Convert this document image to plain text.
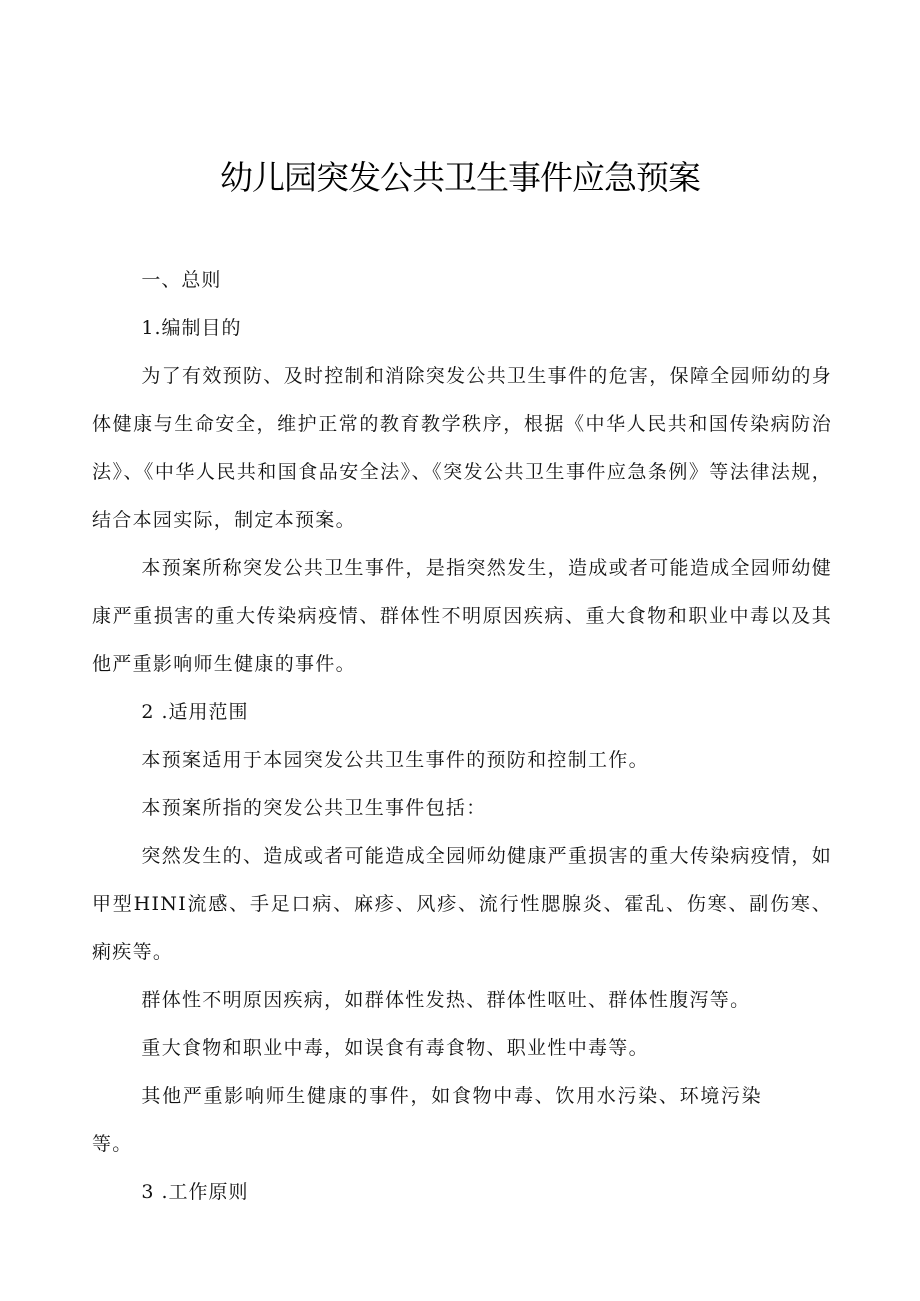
幼儿园突发公共卫生事件应急预案

一、总则

1.编制目的

为了有效预防、及时控制和消除突发公共卫生事件的危害，保障全园师幼的身体健康与生命安全，维护正常的教育教学秩序，根据《中华人民共和国传染病防治法》、《中华人民共和国食品安全法》、《突发公共卫生事件应急条例》等法律法规，结合本园实际，制定本预案。

本预案所称突发公共卫生事件，是指突然发生，造成或者可能造成全园师幼健康严重损害的重大传染病疫情、群体性不明原因疾病、重大食物和职业中毒以及其他严重影响师生健康的事件。

2 .适用范围

本预案适用于本园突发公共卫生事件的预防和控制工作。

本预案所指的突发公共卫生事件包括：

突然发生的、造成或者可能造成全园师幼健康严重损害的重大传染病疫情，如甲型HINI流感、手足口病、麻疹、风疹、流行性腮腺炎、霍乱、伤寒、副伤寒、痢疾等。

群体性不明原因疾病，如群体性发热、群体性呕吐、群体性腹泻等。

重大食物和职业中毒，如误食有毒食物、职业性中毒等。

其他严重影响师生健康的事件，如食物中毒、饮用水污染、环境污染等。

3 .工作原则
